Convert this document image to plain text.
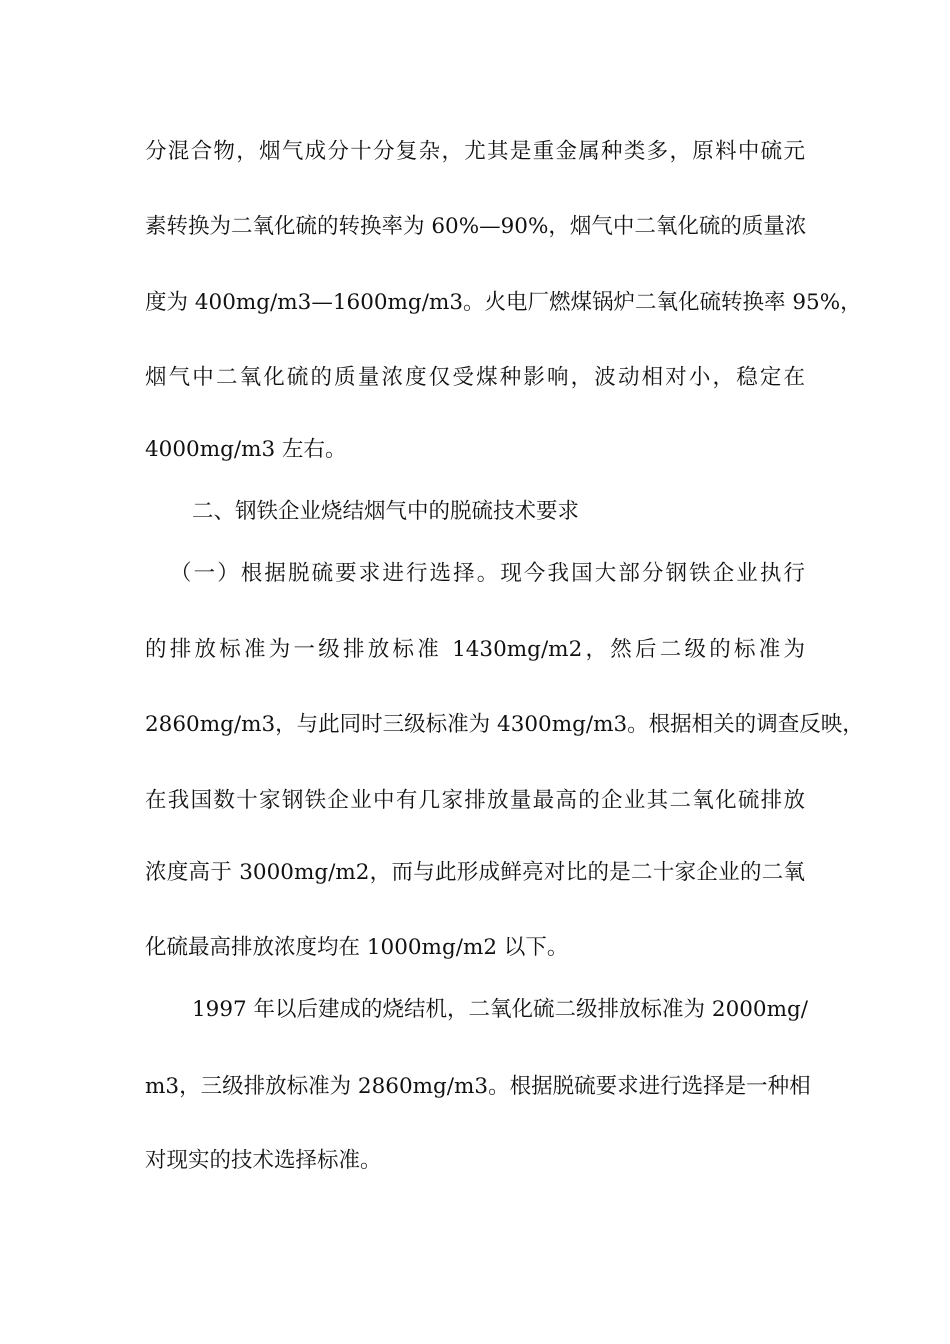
分混合物，烟气成分十分复杂，尤其是重金属种类多，原料中硫元
素转换为二氧化硫的转换率为 60%—90%，烟气中二氧化硫的质量浓
度为 400mg/m3—1600mg/m3。火电厂燃煤锅炉二氧化硫转换率 95%，
烟气中二氧化硫的质量浓度仅受煤种影响，波动相对小，稳定在
4000mg/m3 左右。
二、钢铁企业烧结烟气中的脱硫技术要求
（一）根据脱硫要求进行选择。现今我国大部分钢铁企业执行
的排放标准为一级排放标准 1430mg/m2，然后二级的标准为
2860mg/m3，与此同时三级标准为 4300mg/m3。根据相关的调查反映，
在我国数十家钢铁企业中有几家排放量最高的企业其二氧化硫排放
浓度高于 3000mg/m2，而与此形成鲜亮对比的是二十家企业的二氧
化硫最高排放浓度均在 1000mg/m2 以下。
1997 年以后建成的烧结机，二氧化硫二级排放标准为 2000mg/
m3，三级排放标准为 2860mg/m3。根据脱硫要求进行选择是一种相
对现实的技术选择标准。
